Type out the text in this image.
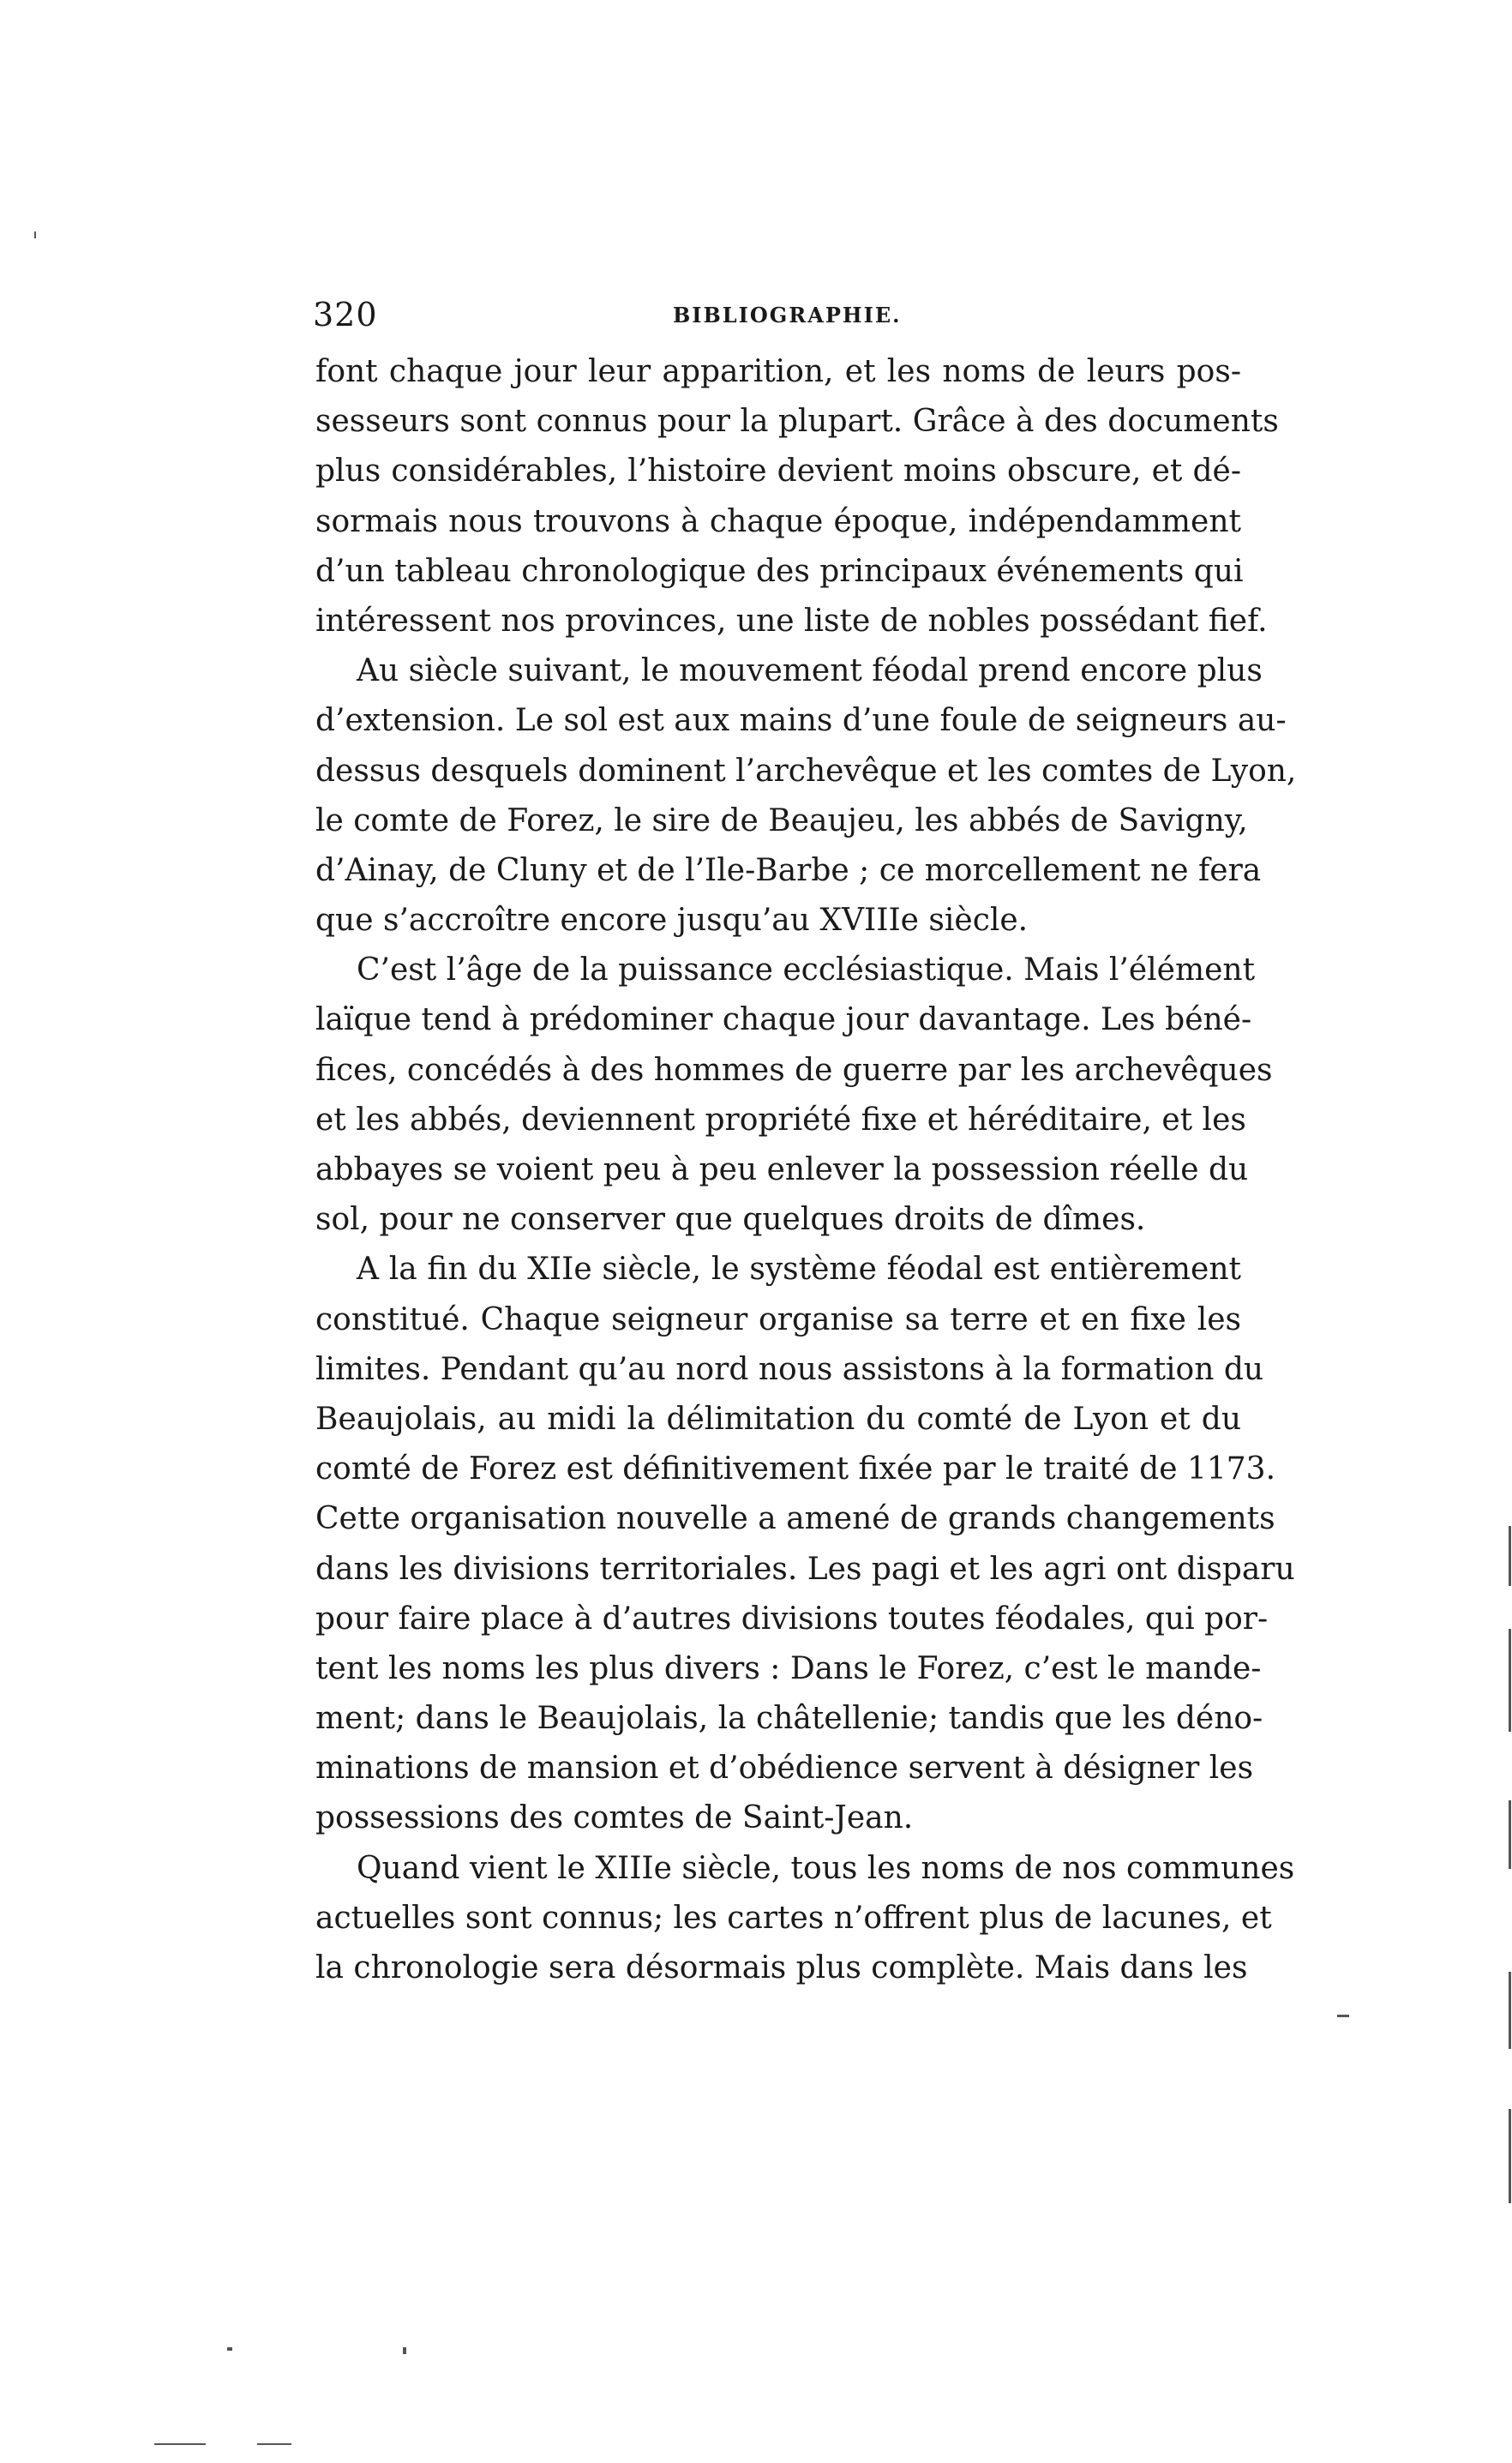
320	BIBLIOGRAPHIE.
font chaque jour leur apparition, et les noms de leurs pos-
sesseurs sont connus pour la plupart. Grâce à des documents
plus considérables, l’histoire devient moins obscure, et dé-
sormais nous trouvons à chaque époque, indépendamment
d’un tableau chronologique des principaux événements qui
intéressent nos provinces, une liste de nobles possédant fief.
Au siècle suivant, le mouvement féodal prend encore plus
d’extension. Le sol est aux mains d’une foule de seigneurs au-
dessus desquels dominent l’archevêque et les comtes de Lyon,
le comte de Forez, le sire de Beaujeu, les abbés de Savigny,
d’Ainay, de Cluny et de l’Ile-Barbe ; ce morcellement ne fera
que s’accroître encore jusqu’au XVIIIe siècle.
C’est l’âge de la puissance ecclésiastique. Mais l’élément
laïque tend à prédominer chaque jour davantage. Les béné-
fices, concédés à des hommes de guerre par les archevêques
et les abbés, deviennent propriété fixe et héréditaire, et les
abbayes se voient peu à peu enlever la possession réelle du
sol, pour ne conserver que quelques droits de dîmes.
A la fin du XIIe siècle, le système féodal est entièrement
constitué. Chaque seigneur organise sa terre et en fixe les
limites. Pendant qu’au nord nous assistons à la formation du
Beaujolais, au midi la délimitation du comté de Lyon et du
comté de Forez est définitivement fixée par le traité de 1173.
Cette organisation nouvelle a amené de grands changements
dans les divisions territoriales. Les pagi et les agri ont disparu
pour faire place à d’autres divisions toutes féodales, qui por-
tent les noms les plus divers : Dans le Forez, c’est le mande-
ment; dans le Beaujolais, la châtellenie; tandis que les déno-
minations de mansion et d’obédience servent à désigner les
possessions des comtes de Saint-Jean.
Quand vient le XIIIe siècle, tous les noms de nos communes
actuelles sont connus; les cartes n’offrent plus de lacunes, et
la chronologie sera désormais plus complète. Mais dans les
